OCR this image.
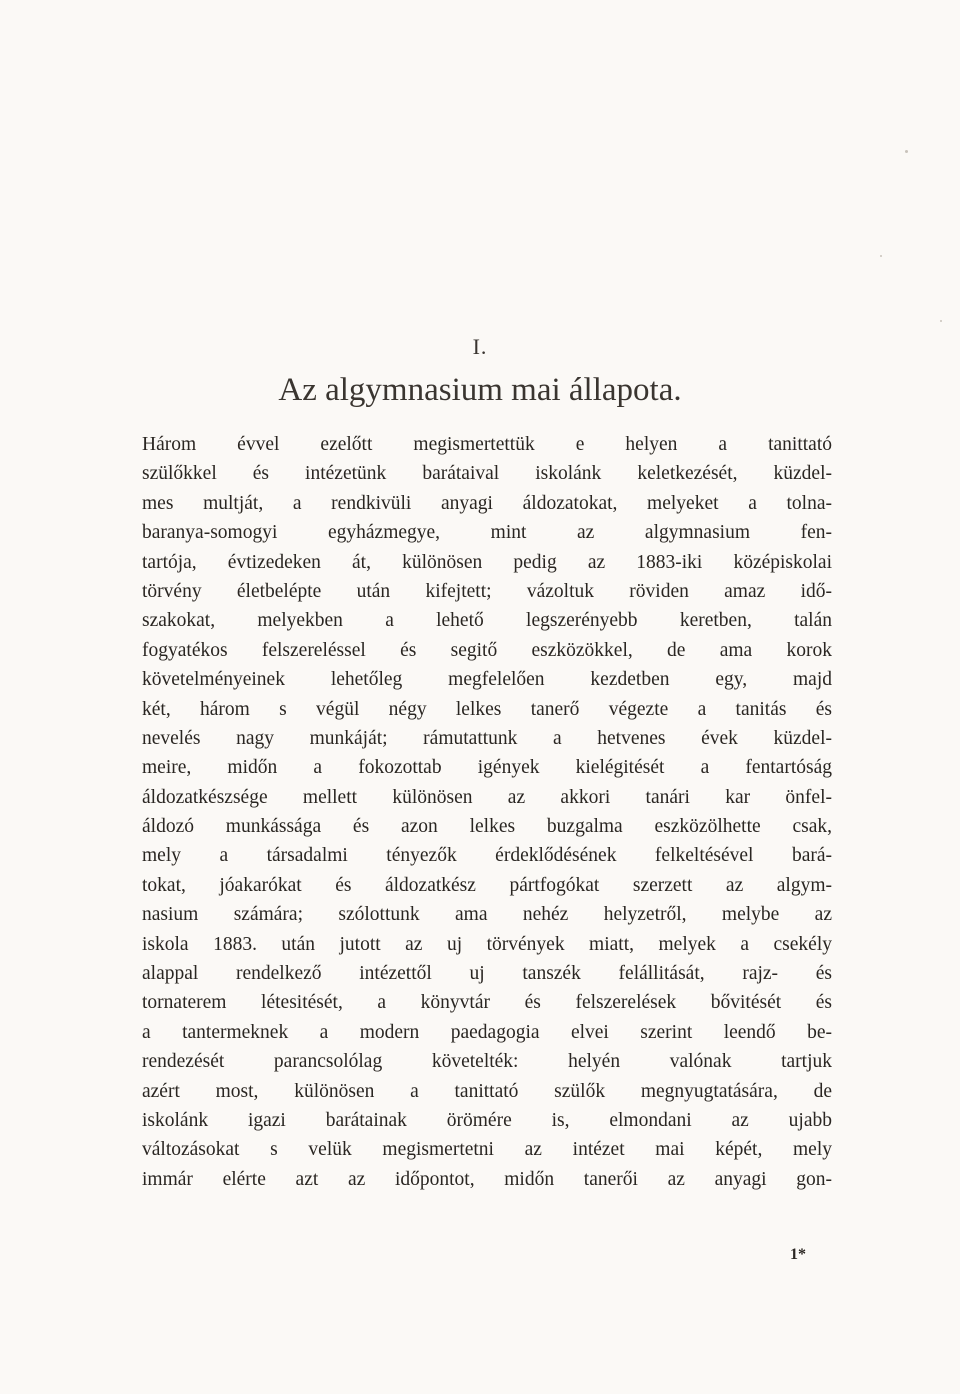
I.
Az algymnasium mai állapota.
Három évvel ezelőtt megismertettük e helyen a tanittató
szülőkkel és intézetünk barátaival iskolánk keletkezését, küzdel-
mes multját, a rendkivüli anyagi áldozatokat, melyeket a tolna-
baranya-somogyi egyházmegye, mint az algymnasium fen-
tartója, évtizedeken át, különösen pedig az 1883-iki középiskolai
törvény életbelépte után kifejtett; vázoltuk röviden amaz idő-
szakokat, melyekben a lehető legszerényebb keretben, talán
fogyatékos felszereléssel és segitő eszközökkel, de ama korok
követelményeinek lehetőleg megfelelően kezdetben egy, majd
két, három s végül négy lelkes tanerő végezte a tanitás és
nevelés nagy munkáját; rámutattunk a hetvenes évek küzdel-
meire, midőn a fokozottab igények kielégitését a fentartóság
áldozatkészsége mellett különösen az akkori tanári kar önfel-
áldozó munkássága és azon lelkes buzgalma eszközölhette csak,
mely a társadalmi tényezők érdeklődésének felkeltésével bará-
tokat, jóakarókat és áldozatkész pártfogókat szerzett az algym-
nasium számára; szólottunk ama nehéz helyzetről, melybe az
iskola 1883. után jutott az uj törvények miatt, melyek a csekély
alappal rendelkező intézettől uj tanszék felállitását, rajz- és
tornaterem létesitését, a könyvtár és felszerelések bővitését és
a tantermeknek a modern paedagogia elvei szerint leendő be-
rendezését parancsolólag követelték: helyén valónak tartjuk
azért most, különösen a tanittató szülők megnyugtatására, de
iskolánk igazi barátainak örömére is, elmondani az ujabb
változásokat s velük megismertetni az intézet mai képét, mely
immár elérte azt az időpontot, midőn tanerői az anyagi gon-
1*
